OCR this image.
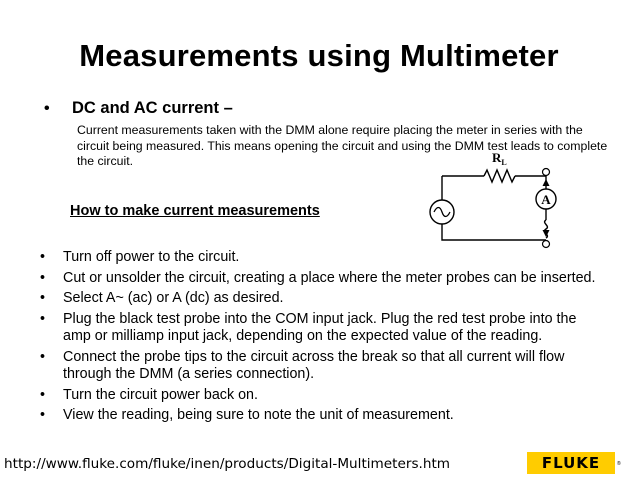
Measurements using Multimeter
• DC and AC current –
Current measurements taken with the DMM alone require placing the meter in series with the
circuit being measured. This means opening the circuit and using the DMM test leads to complete
the circuit.
How to make current measurements
A
$R_L$
• Turn off power to the circuit.
• Cut or unsolder the circuit, creating a place where the meter probes can be inserted.
• Select A~ (ac) or A (dc) as desired.
• Plug the black test probe into the COM input jack. Plug the red test probe into the
amp or milliamp input jack, depending on the expected value of the reading.
• Connect the probe tips to the circuit across the break so that all current will flow
through the DMM (a series connection).
• Turn the circuit power back on.
• View the reading, being sure to note the unit of measurement.
http://www.fluke.com/fluke/inen/products/Digital-Multimeters.htm	FLUKE	®
